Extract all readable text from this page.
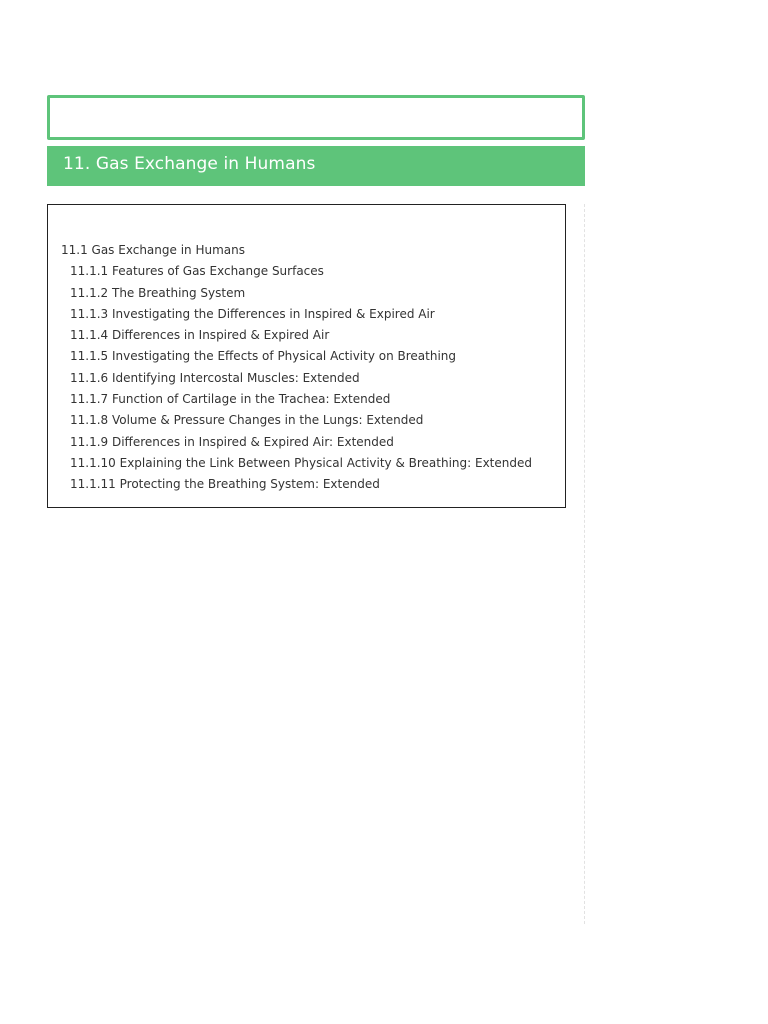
11. Gas Exchange in Humans
11.1 Gas Exchange in Humans
11.1.1 Features of Gas Exchange Surfaces
11.1.2 The Breathing System
11.1.3 Investigating the Differences in Inspired & Expired Air
11.1.4 Differences in Inspired & Expired Air
11.1.5 Investigating the Effects of Physical Activity on Breathing
11.1.6 Identifying Intercostal Muscles: Extended
11.1.7 Function of Cartilage in the Trachea: Extended
11.1.8 Volume & Pressure Changes in the Lungs: Extended
11.1.9 Differences in Inspired & Expired Air: Extended
11.1.10 Explaining the Link Between Physical Activity & Breathing: Extended
11.1.11 Protecting the Breathing System: Extended
